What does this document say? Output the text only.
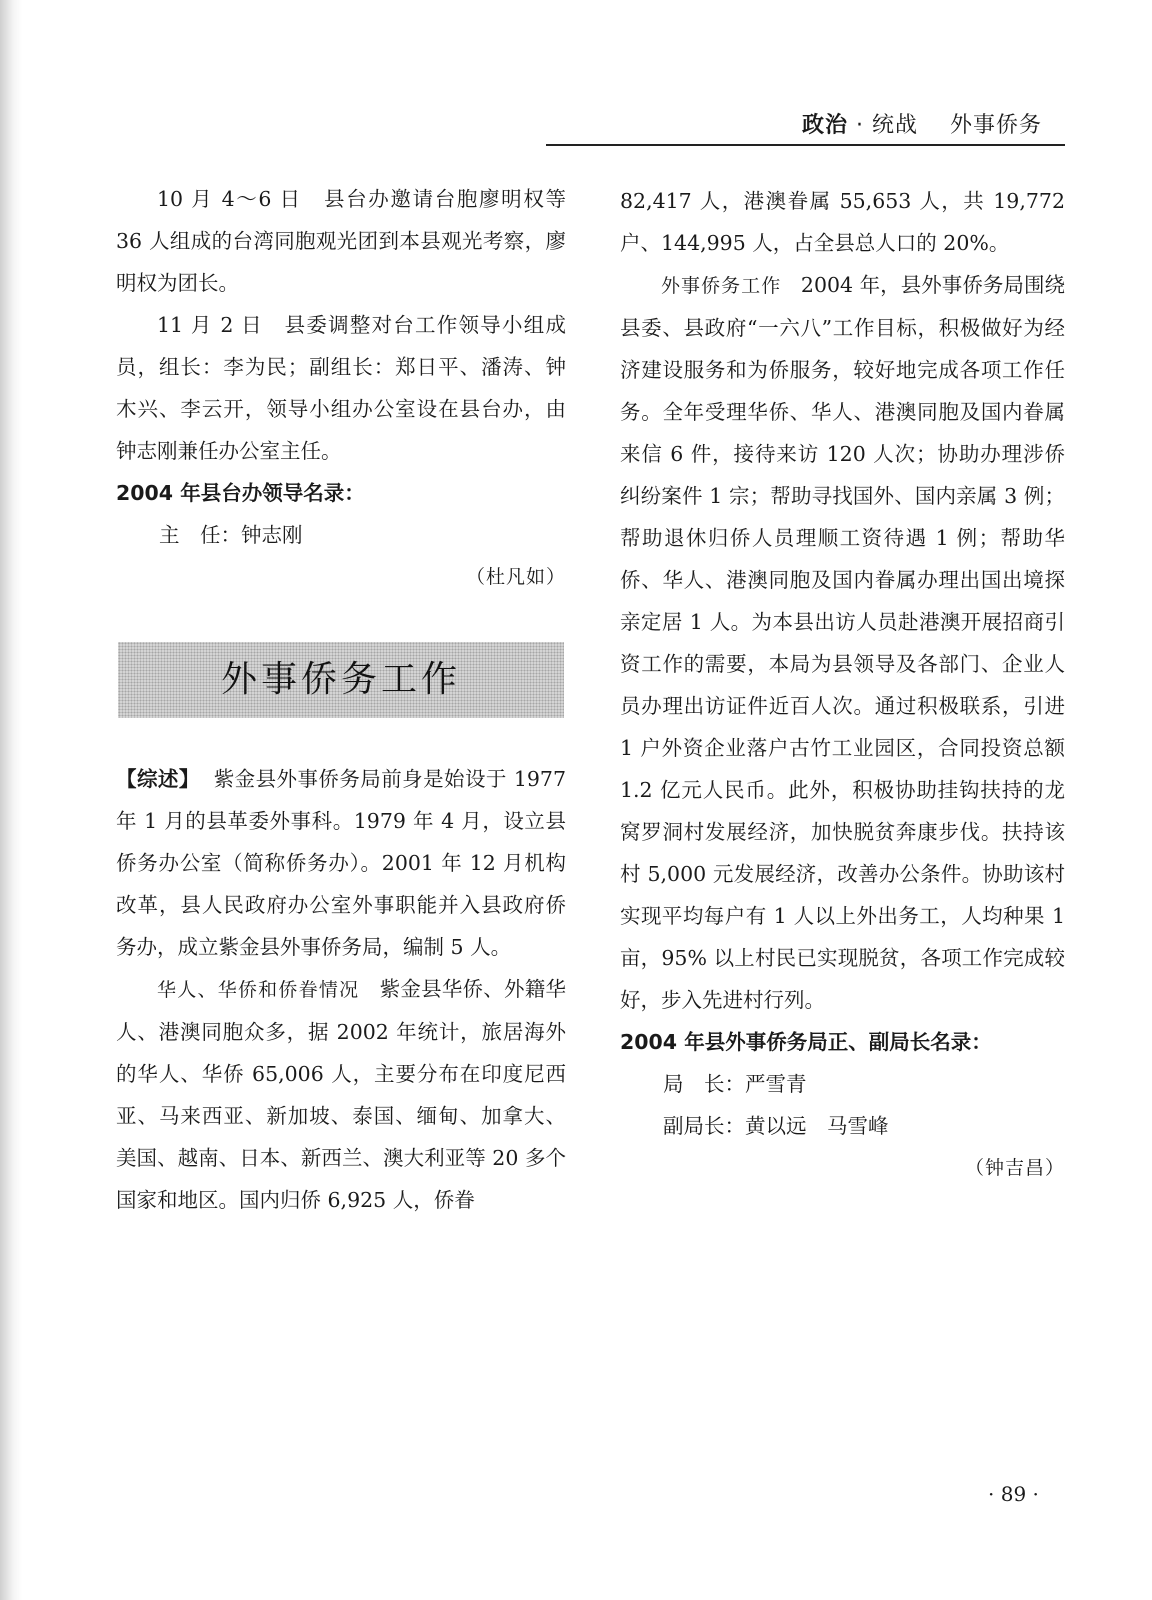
政治 · 统战 外事侨务

10 月 4～6 日　县台办邀请台胞廖明权等 36 人组成的台湾同胞观光团到本县观光考察，廖明权为团长。

11 月 2 日　县委调整对台工作领导小组成员，组长：李为民；副组长：郑日平、潘涛、钟木兴、李云开，领导小组办公室设在县台办，由钟志刚兼任办公室主任。

2004 年县台办领导名录：

主　任：钟志刚

（杜凡如）

外事侨务工作

【综述】 紫金县外事侨务局前身是始设于 1977 年 1 月的县革委外事科。1979 年 4 月，设立县侨务办公室（简称侨务办）。2001 年 12 月机构改革，县人民政府办公室外事职能并入县政府侨务办，成立紫金县外事侨务局，编制 5 人。

华人、华侨和侨眷情况 紫金县华侨、外籍华人、港澳同胞众多，据 2002 年统计，旅居海外的华人、华侨 65,006 人，主要分布在印度尼西亚、马来西亚、新加坡、泰国、缅甸、加拿大、美国、越南、日本、新西兰、澳大利亚等 20 多个国家和地区。国内归侨 6,925 人，侨眷

82,417 人，港澳眷属 55,653 人，共 19,772 户、144,995 人，占全县总人口的 20%。

外事侨务工作 2004 年，县外事侨务局围绕县委、县政府“一六八”工作目标，积极做好为经济建设服务和为侨服务，较好地完成各项工作任务。全年受理华侨、华人、港澳同胞及国内眷属来信 6 件，接待来访 120 人次；协助办理涉侨纠纷案件 1 宗；帮助寻找国外、国内亲属 3 例；帮助退休归侨人员理顺工资待遇 1 例；帮助华侨、华人、港澳同胞及国内眷属办理出国出境探亲定居 1 人。为本县出访人员赴港澳开展招商引资工作的需要，本局为县领导及各部门、企业人员办理出访证件近百人次。通过积极联系，引进 1 户外资企业落户古竹工业园区，合同投资总额 1.2 亿元人民币。此外，积极协助挂钩扶持的龙窝罗洞村发展经济，加快脱贫奔康步伐。扶持该村 5,000 元发展经济，改善办公条件。协助该村实现平均每户有 1 人以上外出务工，人均种果 1 亩，95% 以上村民已实现脱贫，各项工作完成较好，步入先进村行列。

2004 年县外事侨务局正、副局长名录：

局　长：严雪青

副局长：黄以远　马雪峰

（钟吉昌）

· 89 ·
